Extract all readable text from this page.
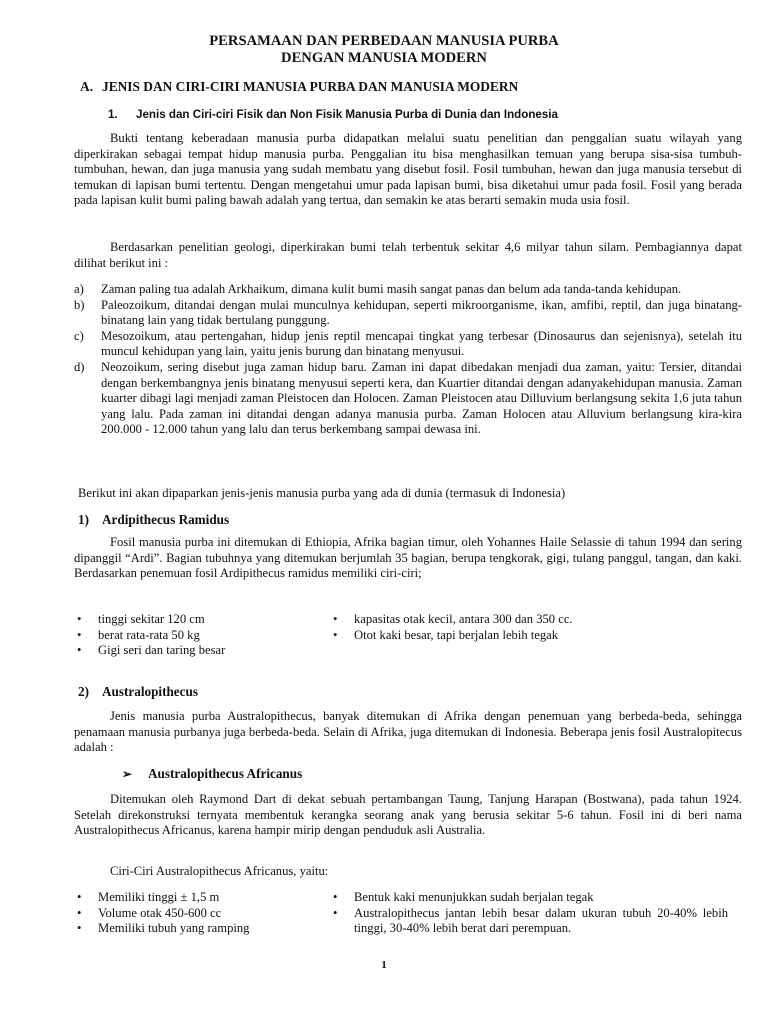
PERSAMAAN DAN PERBEDAAN MANUSIA PURBA
DENGAN MANUSIA MODERN
A. JENIS DAN CIRI-CIRI MANUSIA PURBA DAN MANUSIA MODERN
1. Jenis dan Ciri-ciri Fisik dan Non Fisik Manusia Purba di Dunia dan Indonesia

Bukti tentang keberadaan manusia purba didapatkan melalui suatu penelitian dan penggalian suatu wilayah yang diperkirakan sebagai tempat hidup manusia purba. Penggalian itu bisa menghasilkan temuan yang berupa sisa-sisa tumbuh-tumbuhan, hewan, dan juga manusia yang sudah membatu yang disebut fosil. Fosil tumbuhan, hewan dan juga manusia tersebut di temukan di lapisan bumi tertentu. Dengan mengetahui umur pada lapisan bumi, bisa diketahui umur pada fosil. Fosil yang berada pada lapisan kulit bumi paling bawah adalah yang tertua, dan semakin ke atas berarti semakin muda usia fosil.

Berdasarkan penelitian geologi, diperkirakan bumi telah terbentuk sekitar 4,6 milyar tahun silam. Pembagiannya dapat dilihat berikut ini :

a) Zaman paling tua adalah Arkhaikum, dimana kulit bumi masih sangat panas dan belum ada tanda-tanda kehidupan.
b) Paleozoikum, ditandai dengan mulai munculnya kehidupan, seperti mikroorganisme, ikan, amfibi, reptil, dan juga binatang-binatang lain yang tidak bertulang punggung.
c) Mesozoikum, atau pertengahan, hidup jenis reptil mencapai tingkat yang terbesar (Dinosaurus dan sejenisnya), setelah itu muncul kehidupan yang lain, yaitu jenis burung dan binatang menyusui.
d) Neozoikum, sering disebut juga zaman hidup baru. Zaman ini dapat dibedakan menjadi dua zaman, yaitu: Tersier, ditandai dengan berkembangnya jenis binatang menyusui seperti kera, dan Kuartier ditandai dengan adanyakehidupan manusia. Zaman kuarter dibagi lagi menjadi zaman Pleistocen dan Holocen. Zaman Pleistocen atau Dilluvium berlangsung sekita 1,6 juta tahun yang lalu. Pada zaman ini ditandai dengan adanya manusia purba. Zaman Holocen atau Alluvium berlangsung kira-kira 200.000 - 12.000 tahun yang lalu dan terus berkembang sampai dewasa ini.

Berikut ini akan dipaparkan jenis-jenis manusia purba yang ada di dunia (termasuk di Indonesia)

1) Ardipithecus Ramidus

Fosil manusia purba ini ditemukan di Ethiopia, Afrika bagian timur, oleh Yohannes Haile Selassie di tahun 1994 dan sering dipanggil “Ardi”. Bagian tubuhnya yang ditemukan berjumlah 35 bagian, berupa tengkorak, gigi, tulang panggul, tangan, dan kaki. Berdasarkan penemuan fosil Ardipithecus ramidus memiliki ciri-ciri;

• tinggi sekitar 120 cm
• berat rata-rata 50 kg
• Gigi seri dan taring besar
• kapasitas otak kecil, antara 300 dan 350 cc.
• Otot kaki besar, tapi berjalan lebih tegak
2) Australopithecus

Jenis manusia purba Australopithecus, banyak ditemukan di Afrika dengan penemuan yang berbeda-beda, sehingga penamaan manusia purbanya juga berbeda-beda. Selain di Afrika, juga ditemukan di Indonesia. Beberapa jenis fosil Australopitecus adalah :

➢ Australopithecus Africanus

Ditemukan oleh Raymond Dart di dekat sebuah pertambangan Taung, Tanjung Harapan (Bostwana), pada tahun 1924. Setelah direkonstruksi ternyata membentuk kerangka seorang anak yang berusia sekitar 5-6 tahun. Fosil ini di beri nama Australopithecus Africanus, karena hampir mirip dengan penduduk asli Australia.

Ciri-Ciri Australopithecus Africanus, yaitu:

• Memiliki tinggi ± 1,5 m
• Volume otak 450-600 cc
• Memiliki tubuh yang ramping
• Bentuk kaki menunjukkan sudah berjalan tegak
• Australopithecus jantan lebih besar dalam ukuran tubuh 20-40% lebih tinggi, 30-40% lebih berat dari perempuan.
1
